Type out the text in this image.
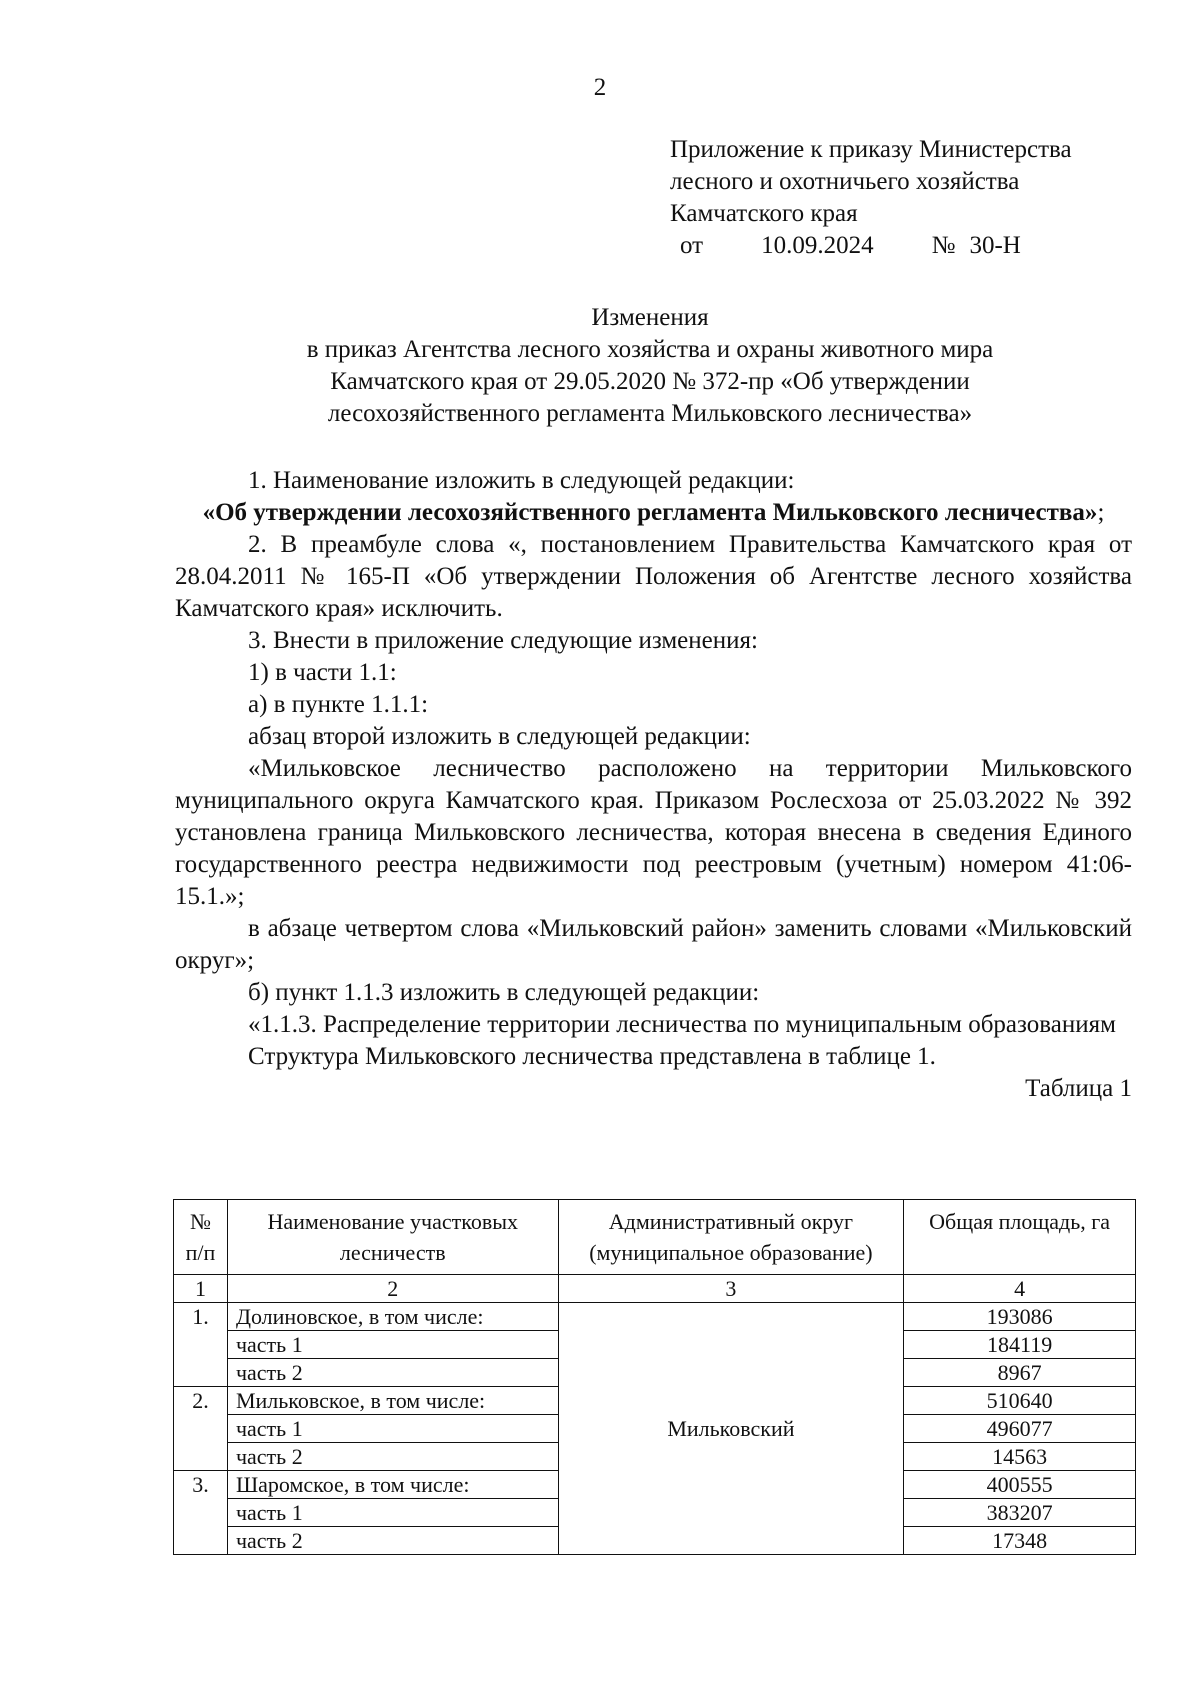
2
Приложение к приказу Министерства
лесного и охотничьего хозяйства
Камчатского края
от 10.09.2024 № 30-Н
Изменения
в приказ Агентства лесного хозяйства и охраны животного мира
Камчатского края от 29.05.2020 № 372-пр «Об утверждении
лесохозяйственного регламента Мильковского лесничества»

1. Наименование изложить в следующей редакции:

«Об утверждении лесохозяйственного регламента Мильковского лесничества»;

2. В преамбуле слова «, постановлением Правительства Камчатского края от 28.04.2011 № 165-П «Об утверждении Положения об Агентстве лесного хозяйства Камчатского края» исключить.

3. Внести в приложение следующие изменения:

1) в части 1.1:

а) в пункте 1.1.1:

абзац второй изложить в следующей редакции:

«Мильковское лесничество расположено на территории Мильковского муниципального округа Камчатского края. Приказом Рослесхоза от 25.03.2022 № 392 установлена граница Мильковского лесничества, которая внесена в сведения Единого государственного реестра недвижимости под реестровым (учетным) номером 41:06-15.1.»;

в абзаце четвертом слова «Мильковский район» заменить словами «Мильковский округ»;

б) пункт 1.1.3 изложить в следующей редакции:

«1.1.3. Распределение территории лесничества по муниципальным образованиям

Структура Мильковского лесничества представлена в таблице 1.

Таблица 1

№ п/п	Наименование участковых лесничеств	Административный округ (муниципальное образование)	Общая площадь, га
1	2	3	4
1.	Долиновское, в том числе:	Мильковский	193086
	часть 1		184119
	часть 2		8967
2.	Мильковское, в том числе:		510640
	часть 1		496077
	часть 2		14563
3.	Шаромское, в том числе:		400555
	часть 1		383207
	часть 2		17348
